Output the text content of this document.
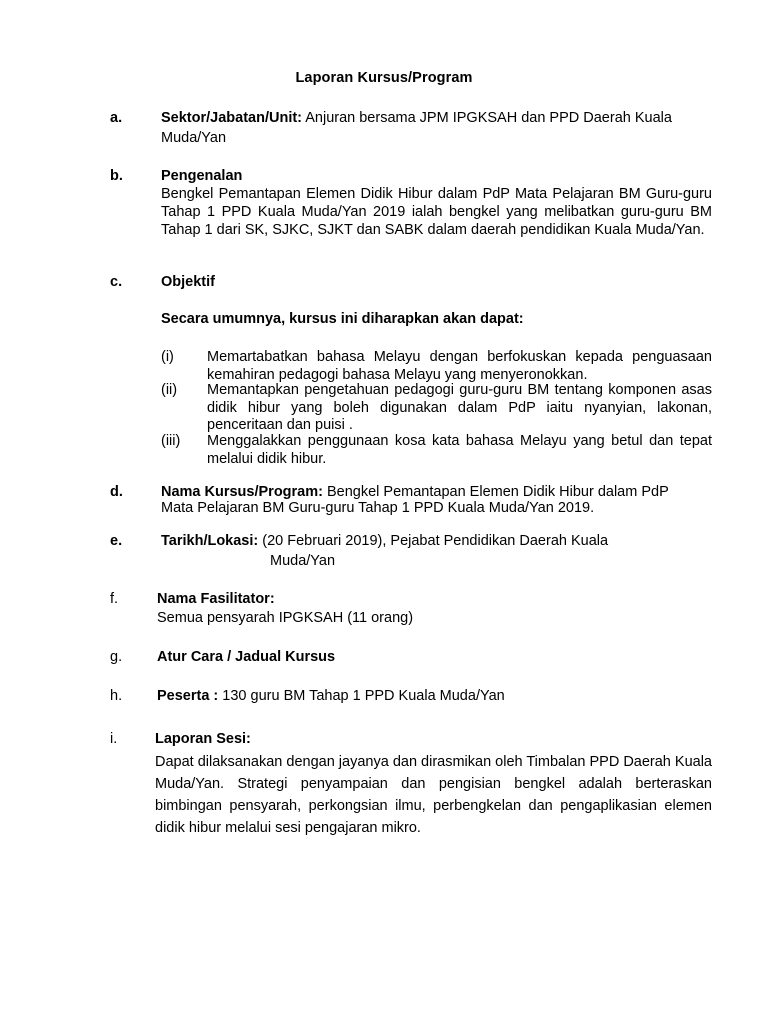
Laporan Kursus/Program
a.	Sektor/Jabatan/Unit: Anjuran bersama JPM IPGKSAH dan PPD Daerah Kuala
Muda/Yan
b.	Pengenalan
Bengkel Pemantapan Elemen Didik Hibur dalam PdP Mata Pelajaran BM Guru-guru Tahap 1 PPD Kuala Muda/Yan 2019 ialah bengkel yang melibatkan guru-guru BM Tahap 1 dari SK, SJKC, SJKT dan SABK dalam daerah pendidikan Kuala Muda/Yan.
c.	Objektif
Secara umumnya, kursus ini diharapkan akan dapat:
(i) Memartabatkan bahasa Melayu dengan berfokuskan kepada penguasaan kemahiran pedagogi bahasa Melayu yang menyeronokkan.
(ii) Memantapkan pengetahuan pedagogi guru-guru BM tentang komponen asas didik hibur yang boleh digunakan dalam PdP iaitu nyanyian, lakonan, penceritaan dan puisi .
(iii) Menggalakkan penggunaan kosa kata bahasa Melayu yang betul dan tepat melalui didik hibur.
d.	Nama Kursus/Program: Bengkel Pemantapan Elemen Didik Hibur dalam PdP
Mata Pelajaran BM Guru-guru Tahap 1 PPD Kuala Muda/Yan 2019.
e.	Tarikh/Lokasi: (20 Februari 2019), Pejabat Pendidikan Daerah Kuala
Muda/Yan
f.	Nama Fasilitator:
Semua pensyarah IPGKSAH (11 orang)
g. Atur Cara / Jadual Kursus
h. Peserta : 130 guru BM Tahap 1 PPD Kuala Muda/Yan
i.	Laporan Sesi:
Dapat dilaksanakan dengan jayanya dan dirasmikan oleh Timbalan PPD Daerah Kuala Muda/Yan. Strategi penyampaian dan pengisian bengkel adalah berteraskan bimbingan pensyarah, perkongsian ilmu, perbengkelan dan pengaplikasian elemen didik hibur melalui sesi pengajaran mikro.
